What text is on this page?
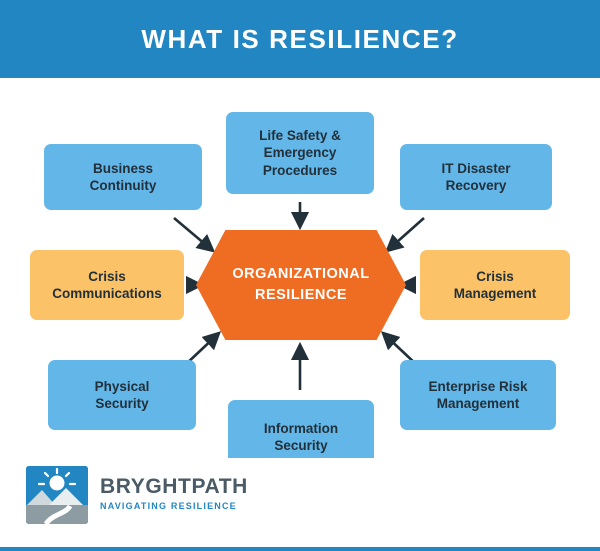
WHAT IS RESILIENCE?
ORGANIZATIONAL
RESILIENCE
Business
Continuity
Life Safety &
Emergency
Procedures	IT Disaster
Recovery
Crisis
Communications
Crisis
Management
Physical
Security
Information
Security
Enterprise Risk
Management
BRYGHTPATH
NAVIGATING RESILIENCE
